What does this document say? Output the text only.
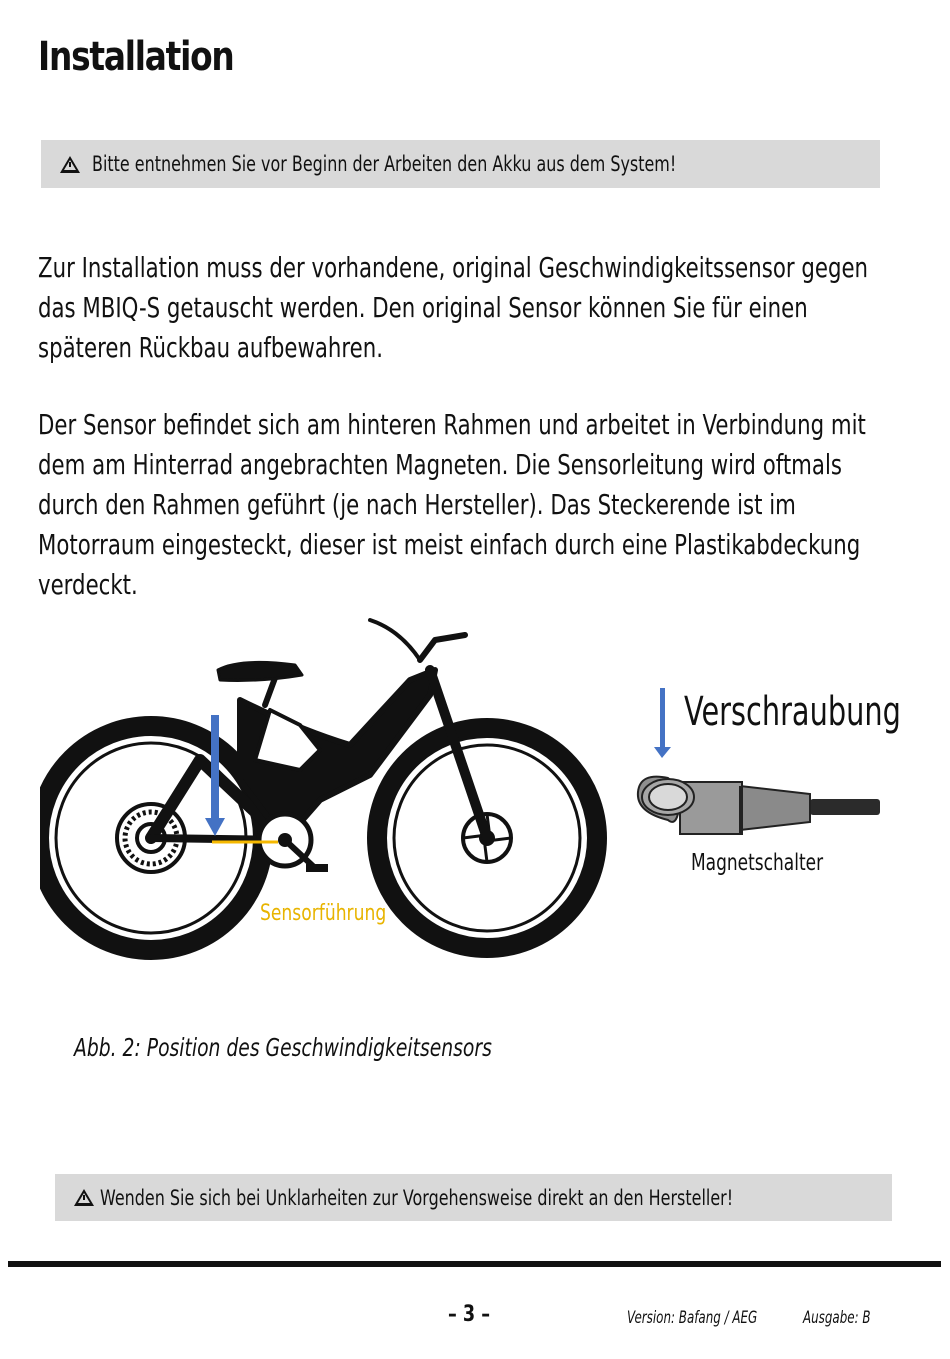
Installation
Bitte entnehmen Sie vor Beginn der Arbeiten den Akku aus dem System!

Zur Installation muss der vorhandene, original Geschwindigkeitssensor gegen das MBIQ-S getauscht werden. Den original Sensor können Sie für einen späteren Rückbau aufbewahren.

Der Sensor befindet sich am hinteren Rahmen und arbeitet in Verbindung mit dem am Hinterrad angebrachten Magneten. Die Sensorleitung wird oftmals durch den Rahmen geführt (je nach Hersteller). Das Steckerende ist im Motorraum eingesteckt, dieser ist meist einfach durch eine Plastikabdeckung verdeckt.

Sensorführung
Verschraubung
Magnetschalter
Abb. 2: Position des Geschwindigkeitsensors
Wenden Sie sich bei Unklarheiten zur Vorgehensweise direkt an den Hersteller!
– 3 –	Version: Bafang / AEG	Ausgabe: B
